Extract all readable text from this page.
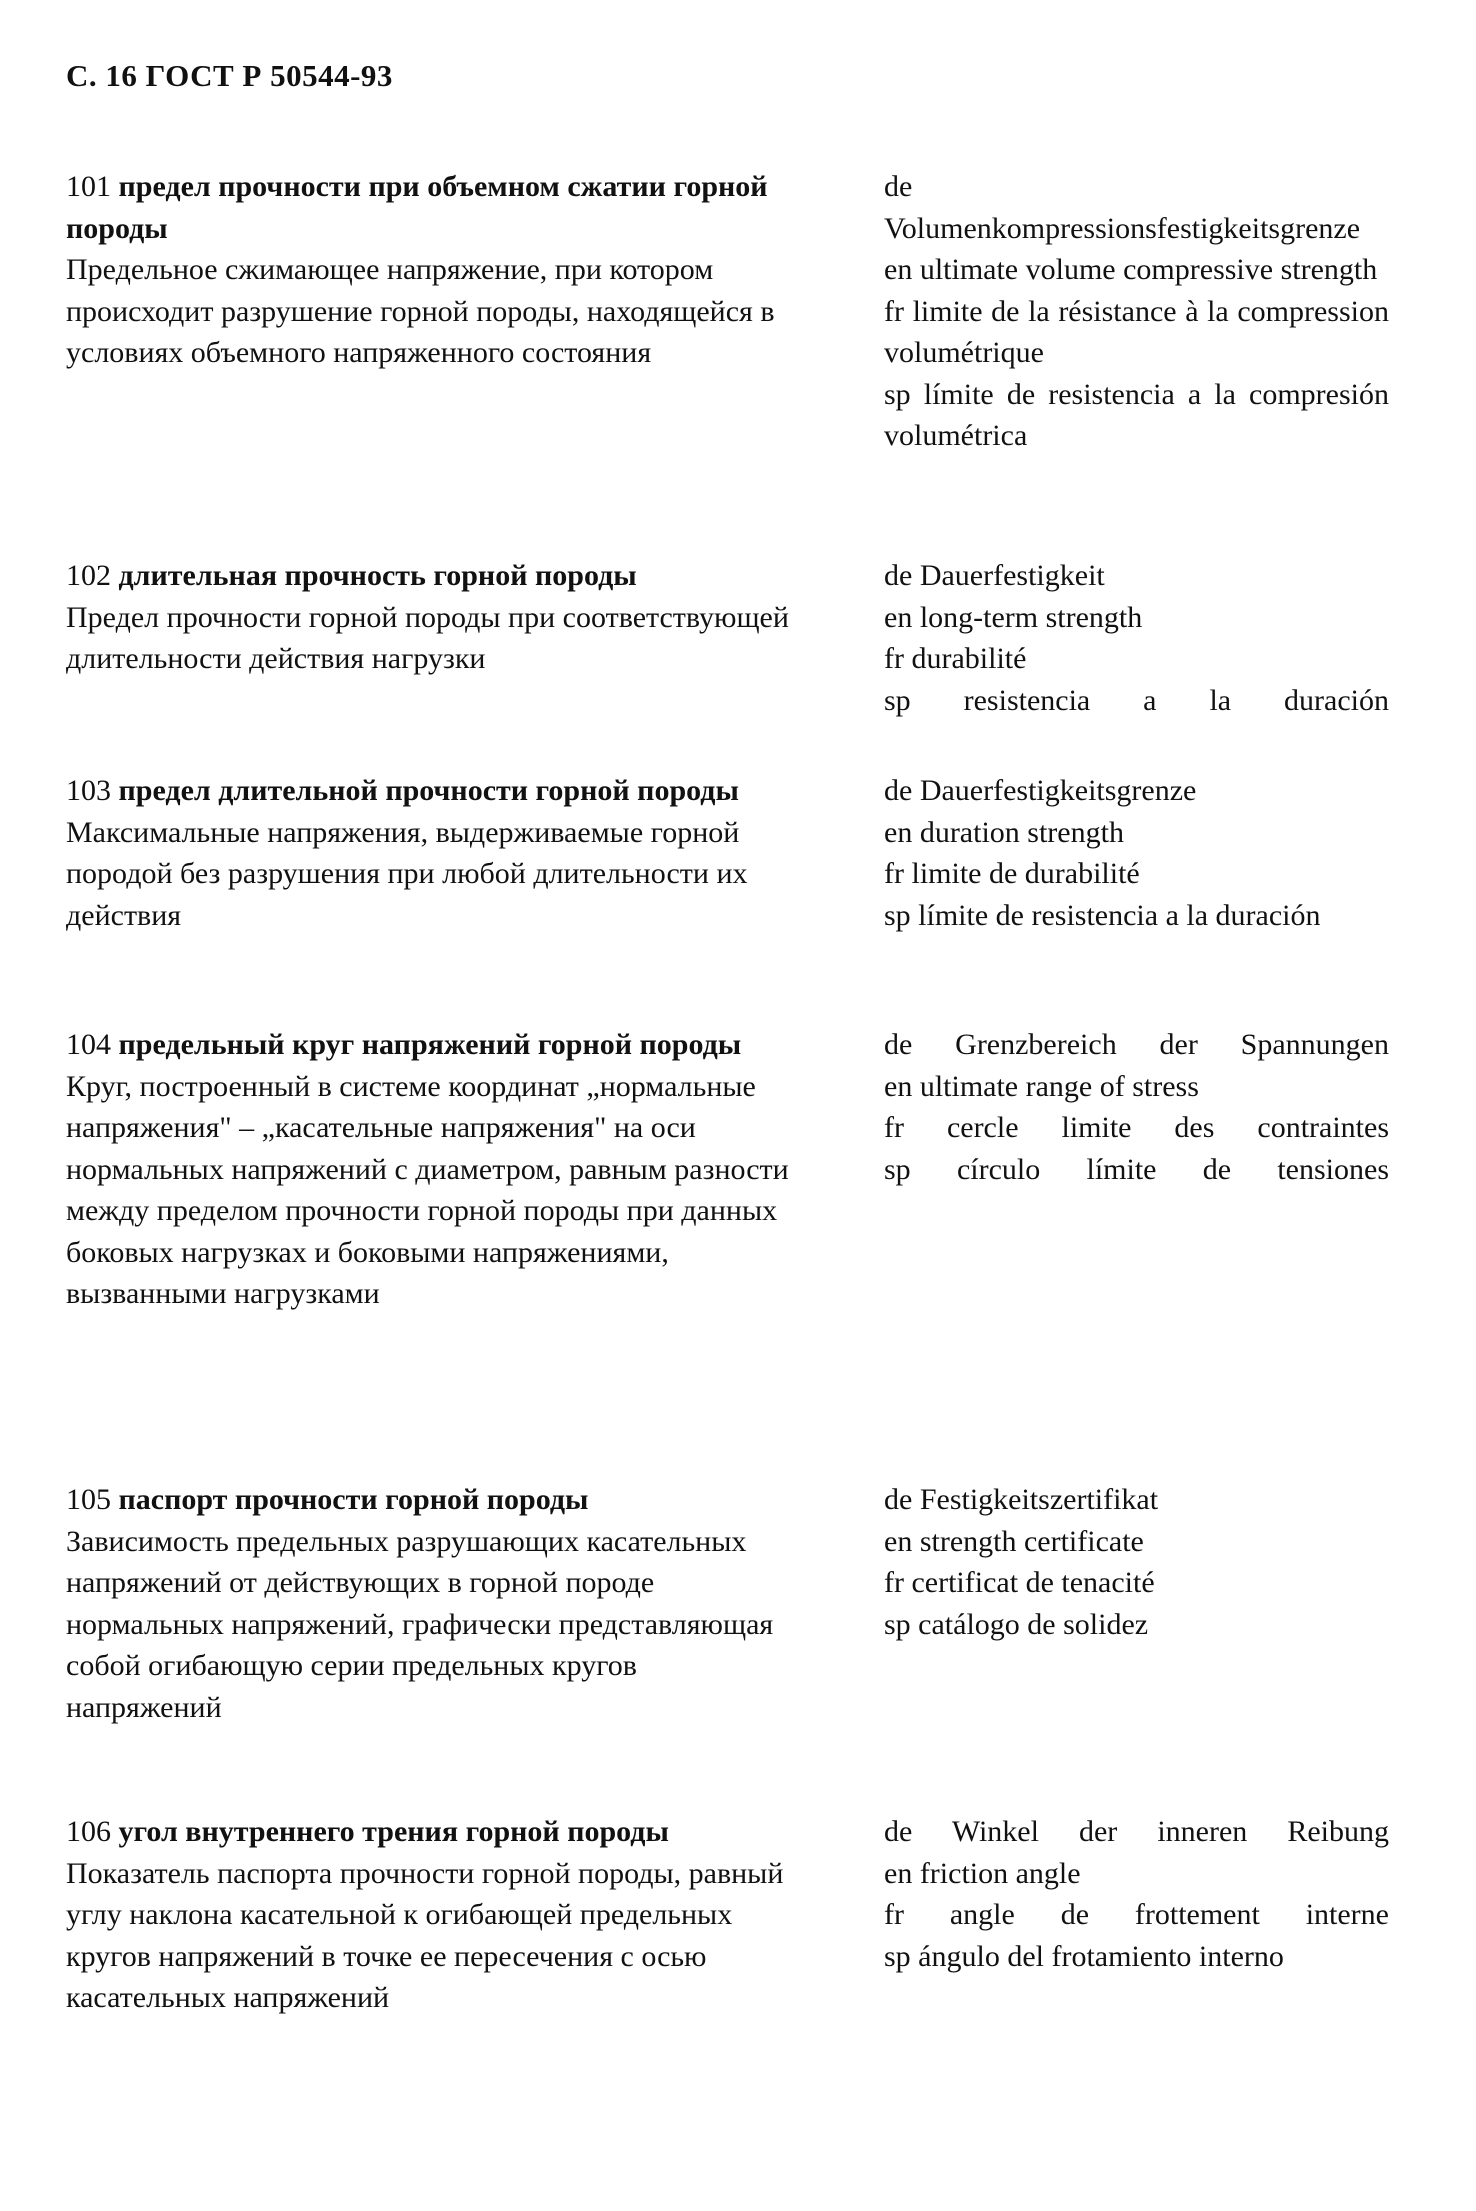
С. 16 ГОСТ Р 50544-93
101 предел прочности при объемном сжатии горной породы
Предельное сжимающее напряжение, при котором происходит разрушение горной породы, находящейся в условиях объемного напряженного состояния
de Volumenkompressionsfestigkeitsgrenze
en ultimate volume compressive strength
fr limite de la résistance à la compression volumétrique
sp límite de resistencia a la compresión volumétrica
102 длительная прочность горной породы
Предел прочности горной породы при соответствующей длительности действия нагрузки
de Dauerfestigkeit
en long-term strength
fr durabilité
sp resistencia a la duración
103 предел длительной прочности горной породы
Максимальные напряжения, выдерживаемые горной породой без разрушения при любой длительности их действия
de Dauerfestigkeitsgrenze
en duration strength
fr limite de durabilité
sp límite de resistencia a la duración
104 предельный круг напряжений горной породы
Круг, построенный в системе координат „нормальные напряжения" – „касательные напряжения" на оси нормальных напряжений с диаметром, равным разности между пределом прочности горной породы при данных боковых нагрузках и боковыми напряжениями, вызванными нагрузками
de Grenzbereich der Spannungen
en ultimate range of stress
fr cercle limite des contraintes
sp círculo límite de tensiones
105 паспорт прочности горной породы
Зависимость предельных разрушающих касательных напряжений от действующих в горной породе нормальных напряжений, графически представляющая собой огибающую серии предельных кругов напряжений
de Festigkeitszertifikat
en strength certificate
fr certificat de tenacité
sp catálogo de solidez
106 угол внутреннего трения горной породы
Показатель паспорта прочности горной породы, равный углу наклона касательной к огибающей предельных кругов напряжений в точке ее пересечения с осью касательных напряжений
de Winkel der inneren Reibung
en friction angle
fr angle de frottement interne
sp ángulo del frotamiento interno
